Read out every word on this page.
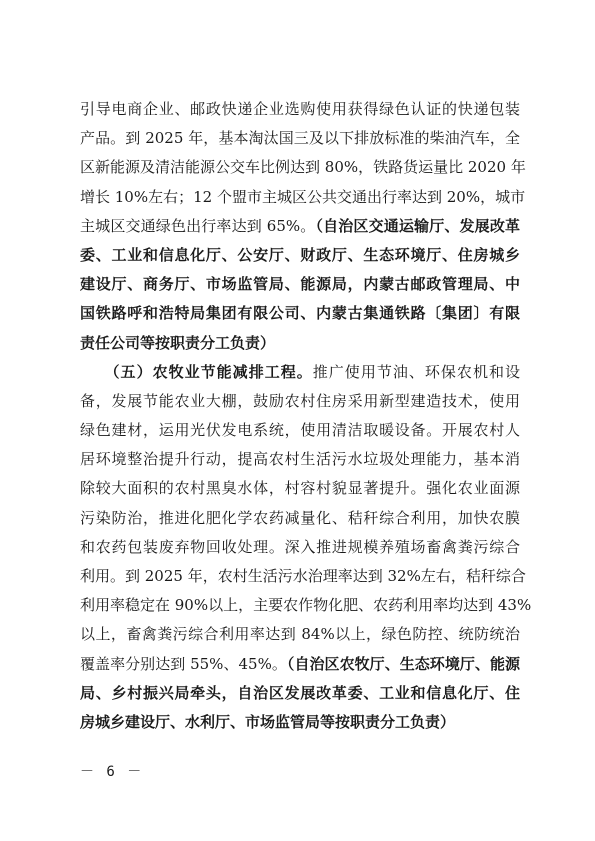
引导电商企业、邮政快递企业选购使用获得绿色认证的快递包装
产品。到 2025 年，基本淘汰国三及以下排放标准的柴油汽车，全
区新能源及清洁能源公交车比例达到 80%，铁路货运量比 2020 年
增长 10%左右；12 个盟市主城区公共交通出行率达到 20%，城市
主城区交通绿色出行率达到 65%。（自治区交通运输厅、发展改革
委、工业和信息化厅、公安厅、财政厅、生态环境厅、住房城乡
建设厅、商务厅、市场监管局、能源局，内蒙古邮政管理局、中
国铁路呼和浩特局集团有限公司、内蒙古集通铁路〔集团〕有限
责任公司等按职责分工负责）
　　（五）农牧业节能减排工程。推广使用节油、环保农机和设
备，发展节能农业大棚，鼓励农村住房采用新型建造技术，使用
绿色建材，运用光伏发电系统，使用清洁取暖设备。开展农村人
居环境整治提升行动，提高农村生活污水垃圾处理能力，基本消
除较大面积的农村黑臭水体，村容村貌显著提升。强化农业面源
污染防治，推进化肥化学农药减量化、秸秆综合利用，加快农膜
和农药包装废弃物回收处理。深入推进规模养殖场畜禽粪污综合
利用。到 2025 年，农村生活污水治理率达到 32%左右，秸秆综合
利用率稳定在 90%以上，主要农作物化肥、农药利用率均达到 43%
以上，畜禽粪污综合利用率达到 84%以上，绿色防控、统防统治
覆盖率分别达到 55%、45%。（自治区农牧厅、生态环境厅、能源
局、乡村振兴局牵头，自治区发展改革委、工业和信息化厅、住
房城乡建设厅、水利厅、市场监管局等按职责分工负责）
－ 6 －
